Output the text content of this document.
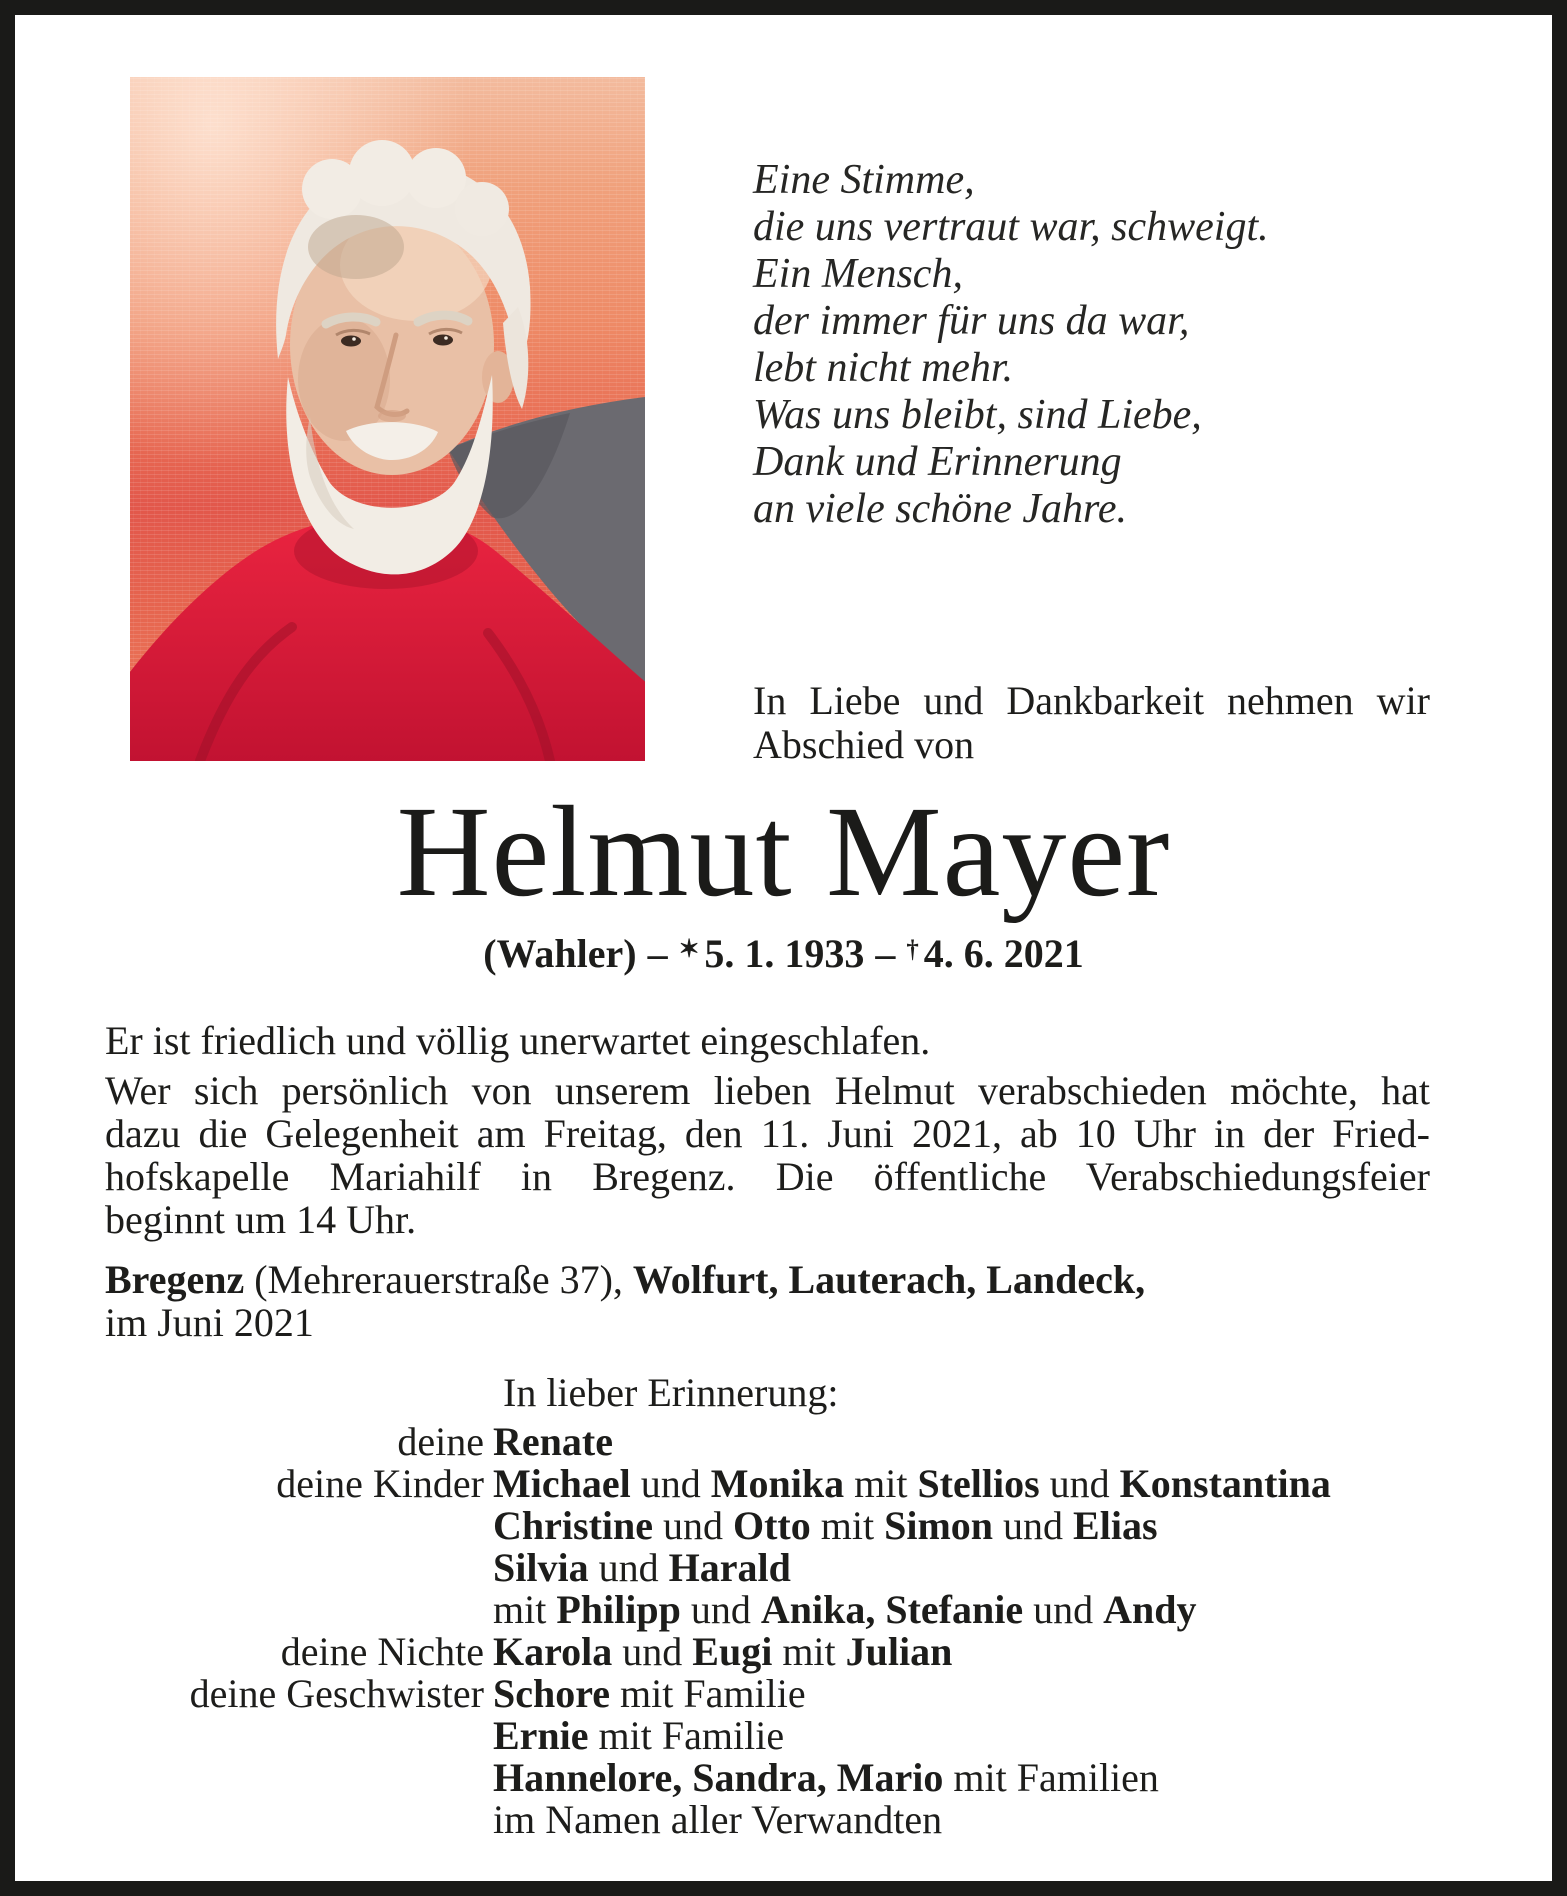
Eine Stimme,
die uns vertraut war, schweigt.
Ein Mensch,
der immer für uns da war,
lebt nicht mehr.
Was uns bleibt, sind Liebe,
Dank und Erinnerung
an viele schöne Jahre.
In Liebe und Dankbarkeit nehmen wir
Abschied von
Helmut Mayer
(Wahler) – ✶ 5. 1. 1933 – † 4. 6. 2021
Er ist friedlich und völlig unerwartet eingeschlafen.
Wer sich persönlich von unserem lieben Helmut verabschieden möchte, hat
dazu die Gelegenheit am Freitag, den 11. Juni 2021, ab 10 Uhr in der Fried-
hofskapelle Mariahilf in Bregenz. Die öffentliche Verabschiedungsfeier
beginnt um 14 Uhr.
Bregenz (Mehrerauerstraße 37), Wolfurt, Lauterach, Landeck,
im Juni 2021
In lieber Erinnerung:
deine Renate
deine Kinder Michael und Monika mit Stellios und Konstantina
Christine und Otto mit Simon und Elias
Silvia und Harald
mit Philipp und Anika, Stefanie und Andy
deine Nichte Karola und Eugi mit Julian
deine Geschwister Schore mit Familie
Ernie mit Familie
Hannelore, Sandra, Mario mit Familien
im Namen aller Verwandten
